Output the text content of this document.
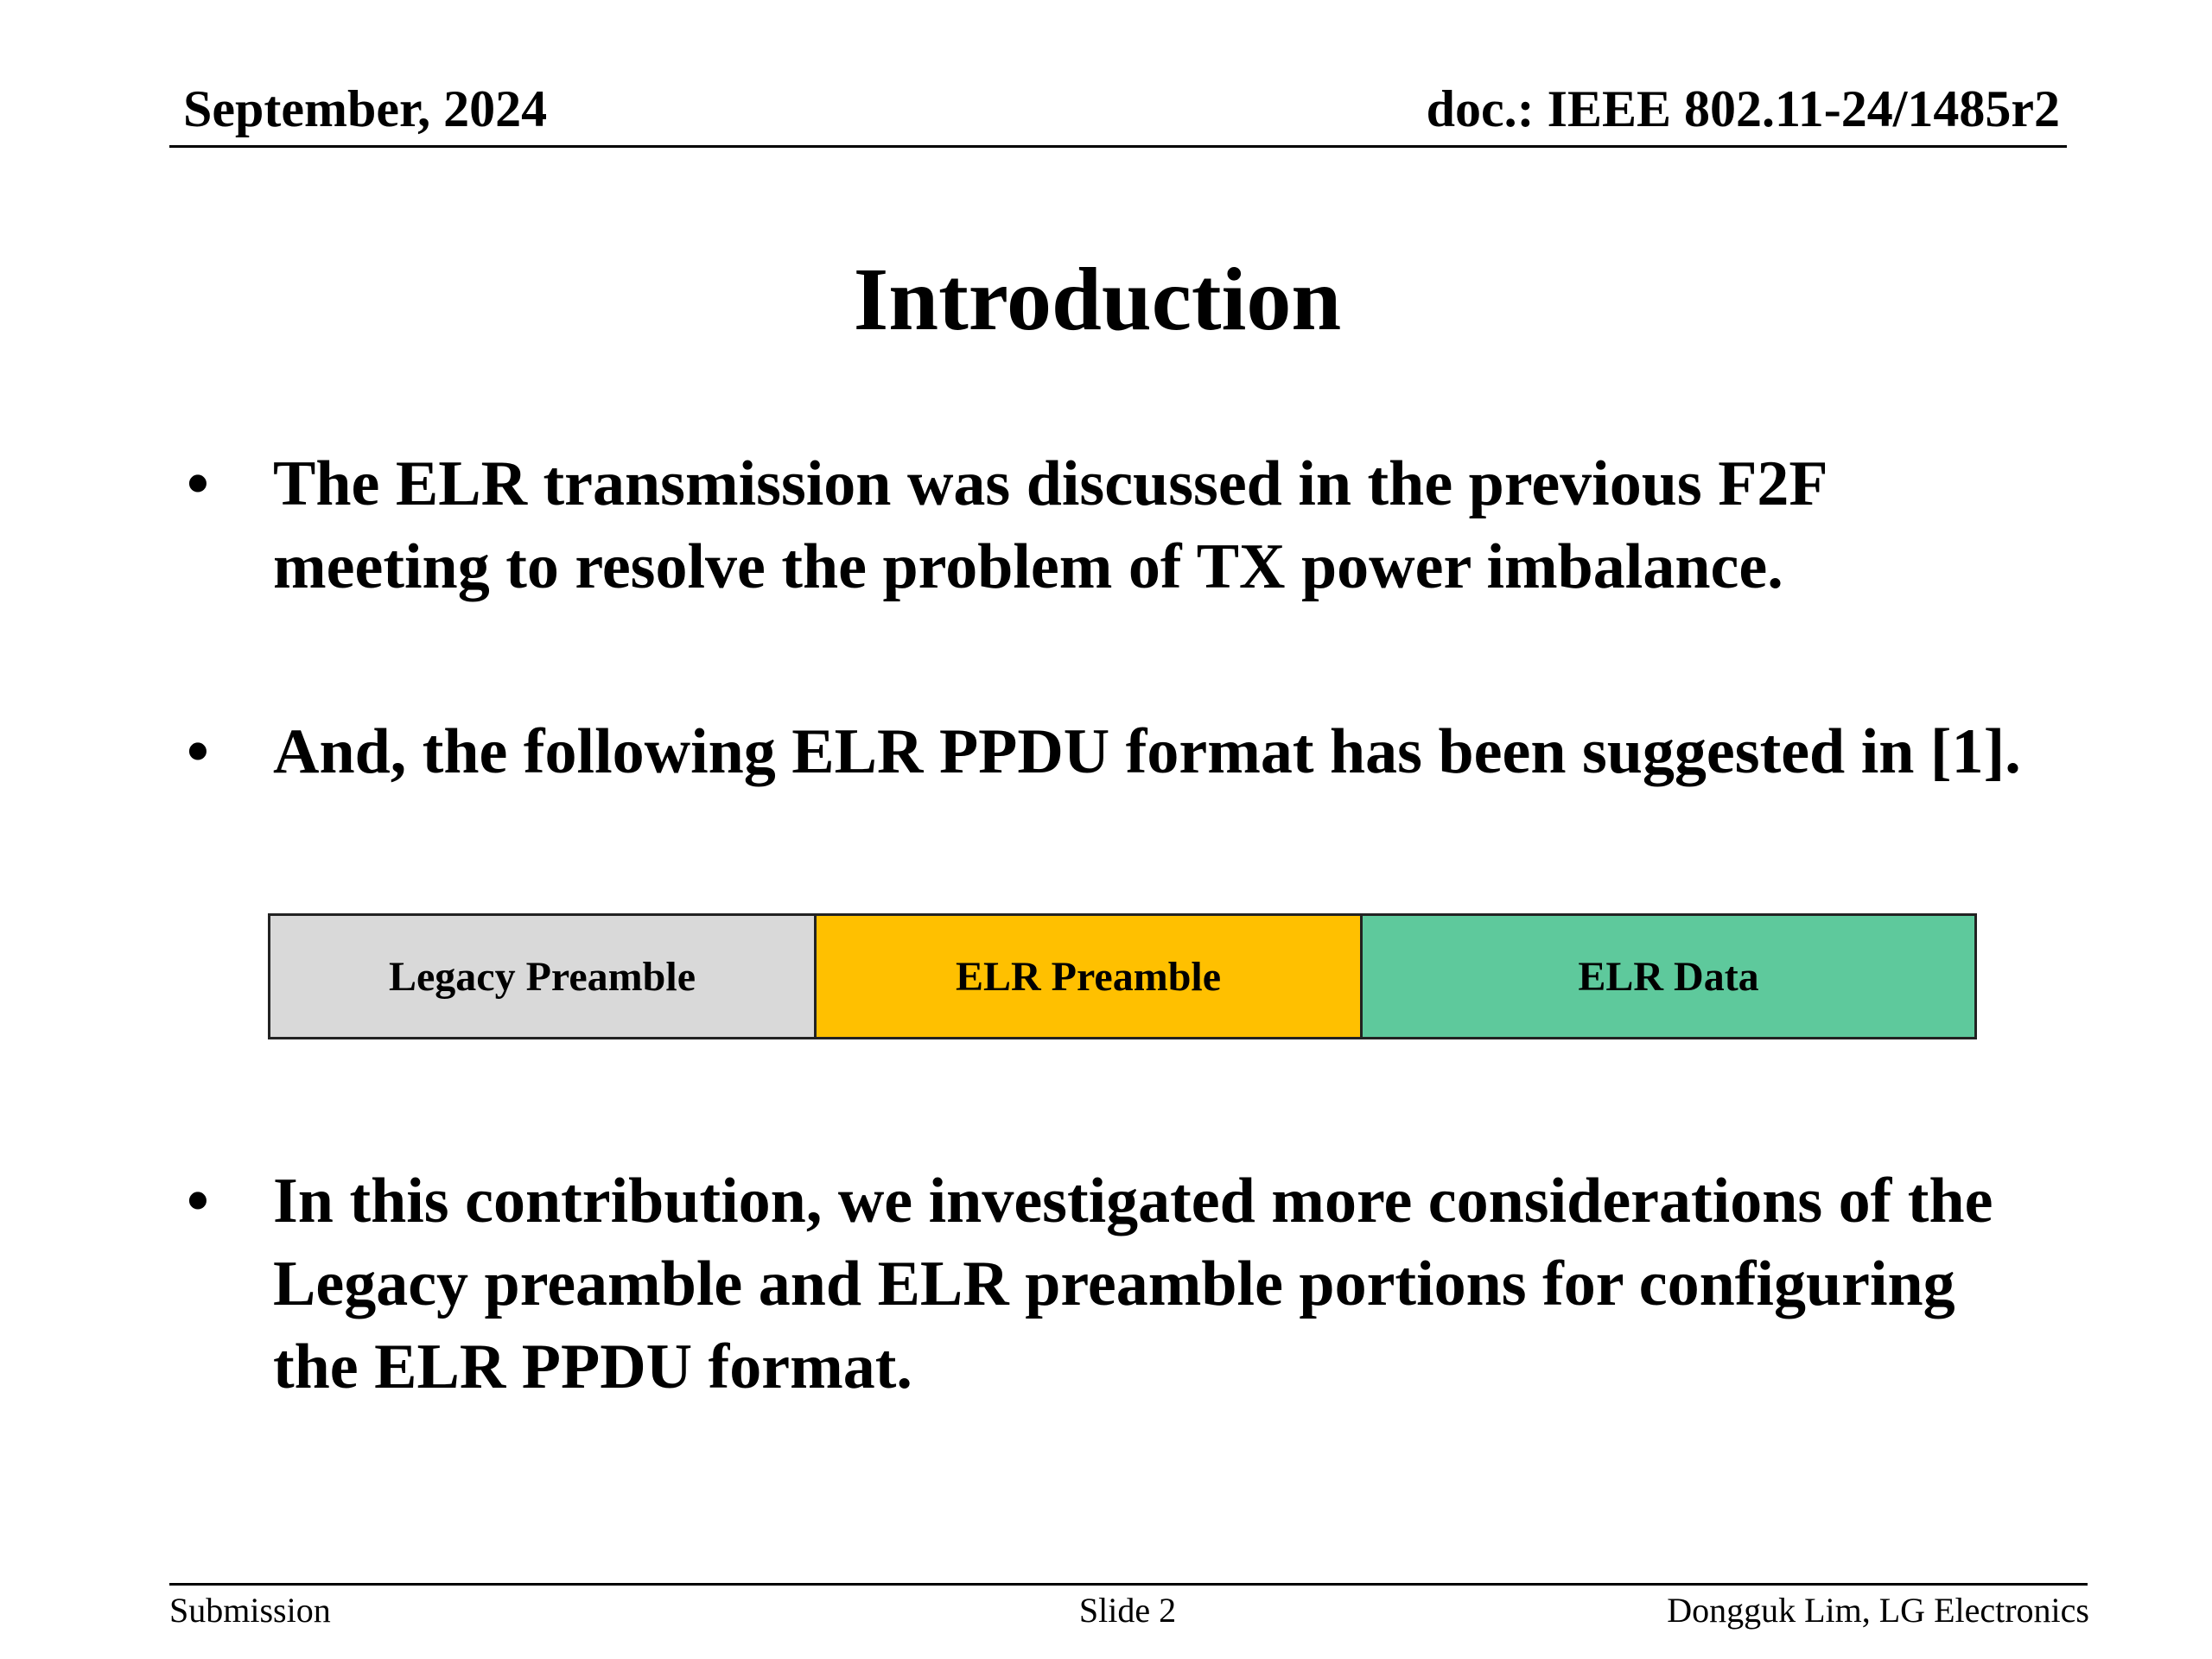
September, 2024	doc.: IEEE 802.11-24/1485r2
Introduction
•	The ELR transmission was discussed in the previous F2F meeting to resolve the problem of TX power imbalance.
•	And, the following ELR PPDU format has been suggested in [1].
•	In this contribution, we investigated more considerations of the Legacy preamble and ELR preamble portions for configuring the ELR PPDU format.
Legacy Preamble	ELR Preamble	ELR Data
Submission	Slide 2	Dongguk Lim, LG Electronics
